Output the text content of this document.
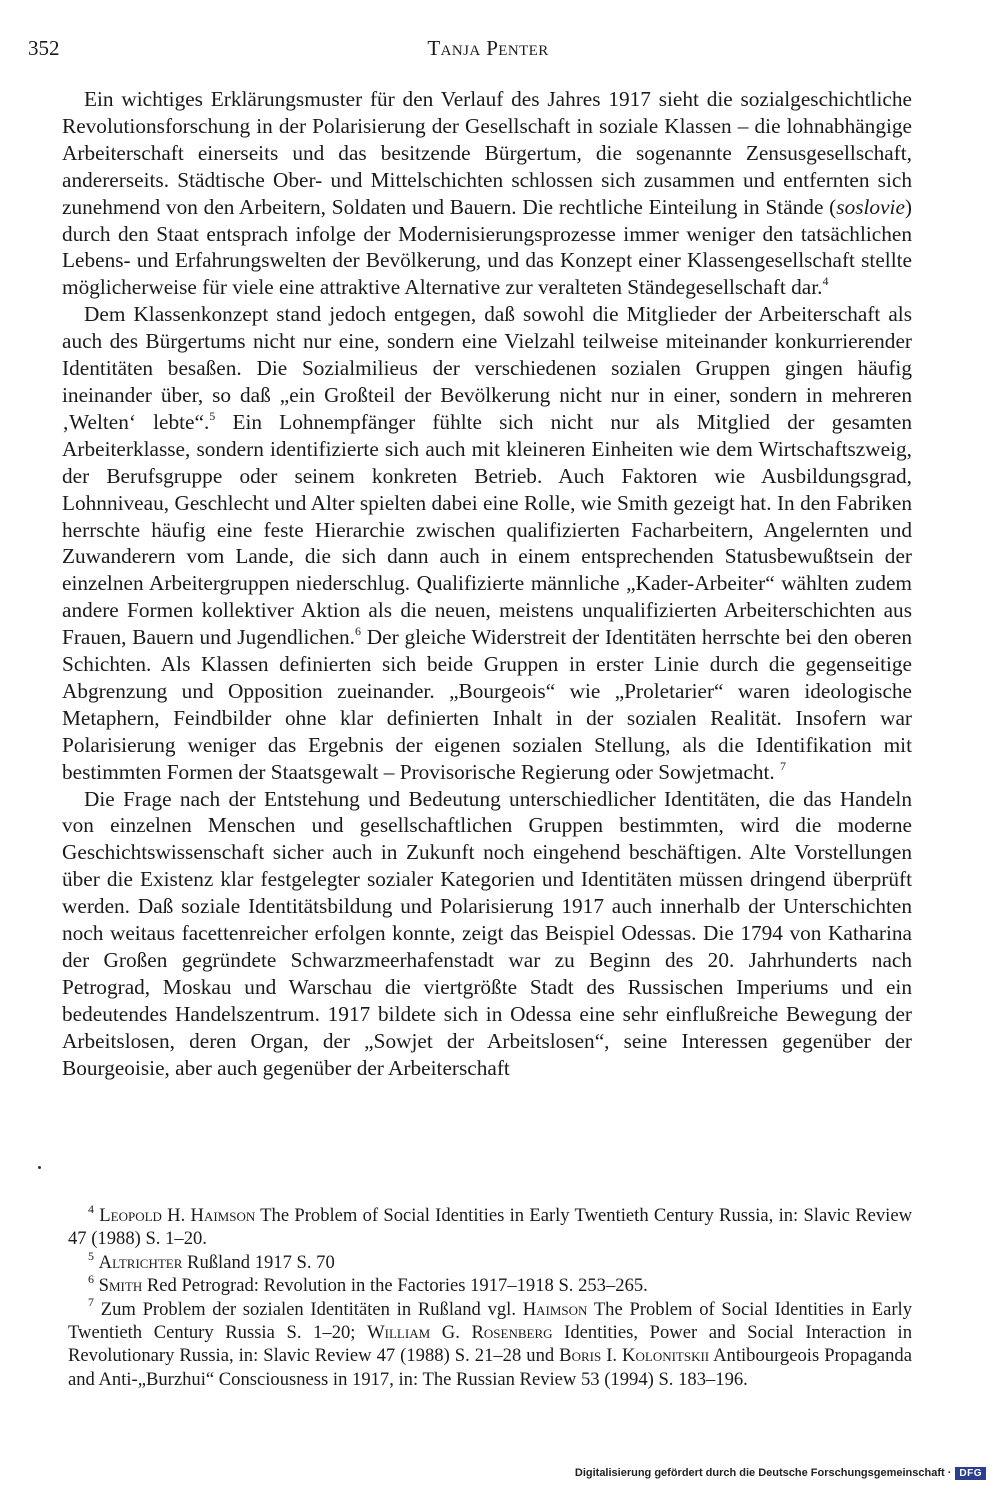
352	Tanja Penter

Ein wichtiges Erklärungsmuster für den Verlauf des Jahres 1917 sieht die sozialgeschichtliche Revolutionsforschung in der Polarisierung der Gesellschaft in soziale Klassen – die lohnabhängige Arbeiterschaft einerseits und das besitzende Bürgertum, die sogenannte Zensusgesellschaft, andererseits. Städtische Ober- und Mittelschichten schlossen sich zusammen und entfernten sich zunehmend von den Arbeitern, Soldaten und Bauern. Die rechtliche Einteilung in Stände (soslovie) durch den Staat entsprach infolge der Modernisierungsprozesse immer weniger den tatsächlichen Lebens- und Erfahrungswelten der Bevölkerung, und das Konzept einer Klassengesellschaft stellte möglicherweise für viele eine attraktive Alternative zur veralteten Ständegesellschaft dar.$^4$

Dem Klassenkonzept stand jedoch entgegen, daß sowohl die Mitglieder der Arbeiterschaft als auch des Bürgertums nicht nur eine, sondern eine Vielzahl teilweise miteinander konkurrierender Identitäten besaßen. Die Sozialmilieus der verschiedenen sozialen Gruppen gingen häufig ineinander über, so daß „ein Großteil der Bevölkerung nicht nur in einer, sondern in mehreren ‚Welten‘ lebte“.$^5$ Ein Lohnempfänger fühlte sich nicht nur als Mitglied der gesamten Arbeiterklasse, sondern identifizierte sich auch mit kleineren Einheiten wie dem Wirtschaftszweig, der Berufsgruppe oder seinem konkreten Betrieb. Auch Faktoren wie Ausbildungsgrad, Lohnniveau, Geschlecht und Alter spielten dabei eine Rolle, wie Smith gezeigt hat. In den Fabriken herrschte häufig eine feste Hierarchie zwischen qualifizierten Facharbeitern, Angelernten und Zuwanderern vom Lande, die sich dann auch in einem entsprechenden Statusbewußtsein der einzelnen Arbeitergruppen niederschlug. Qualifizierte männliche „Kader-Arbeiter“ wählten zudem andere Formen kollektiver Aktion als die neuen, meistens unqualifizierten Arbeiterschichten aus Frauen, Bauern und Jugendlichen.$^6$ Der gleiche Widerstreit der Identitäten herrschte bei den oberen Schichten. Als Klassen definierten sich beide Gruppen in erster Linie durch die gegenseitige Abgrenzung und Opposition zueinander. „Bourgeois“ wie „Proletarier“ waren ideologische Metaphern, Feindbilder ohne klar definierten Inhalt in der sozialen Realität. Insofern war Polarisierung weniger das Ergebnis der eigenen sozialen Stellung, als die Identifikation mit bestimmten Formen der Staatsgewalt – Provisorische Regierung oder Sowjetmacht. $^7$

Die Frage nach der Entstehung und Bedeutung unterschiedlicher Identitäten, die das Handeln von einzelnen Menschen und gesellschaftlichen Gruppen bestimmten, wird die moderne Geschichtswissenschaft sicher auch in Zukunft noch eingehend beschäftigen. Alte Vorstellungen über die Existenz klar festgelegter sozialer Kategorien und Identitäten müssen dringend überprüft werden. Daß soziale Identitätsbildung und Polarisierung 1917 auch innerhalb der Unterschichten noch weitaus facettenreicher erfolgen konnte, zeigt das Beispiel Odessas. Die 1794 von Katharina der Großen gegründete Schwarzmeerhafenstadt war zu Beginn des 20. Jahrhunderts nach Petrograd, Moskau und Warschau die viertgrößte Stadt des Russischen Imperiums und ein bedeutendes Handelszentrum. 1917 bildete sich in Odessa eine sehr einflußreiche Bewegung der Arbeitslosen, deren Organ, der „Sowjet der Arbeitslosen“, seine Interessen gegenüber der Bourgeoisie, aber auch gegenüber der Arbeiterschaft

$^4$ Leopold H. Haimson The Problem of Social Identities in Early Twentieth Century Russia, in: Slavic Review 47 (1988) S. 1–20.

$^5$ Altrichter Rußland 1917 S. 70

$^6$ Smith Red Petrograd: Revolution in the Factories 1917–1918 S. 253–265.

$^7$ Zum Problem der sozialen Identitäten in Rußland vgl. Haimson The Problem of Social Identities in Early Twentieth Century Russia S. 1–20; William G. Rosenberg Identities, Power and Social Interaction in Revolutionary Russia, in: Slavic Review 47 (1988) S. 21–28 und Boris I. Kolonitskii Antibourgeois Propaganda and Anti-„Burzhui“ Consciousness in 1917, in: The Russian Review 53 (1994) S. 183–196.

Digitalisierung gefördert durch die Deutsche Forschungsgemeinschaft · DFG
